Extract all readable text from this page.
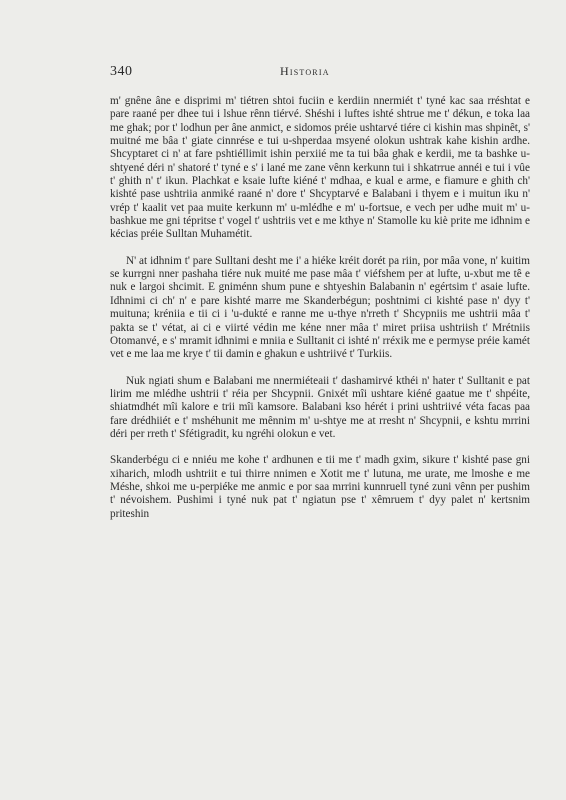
340	Historia

m' gnêne âne e disprimi m' tiétren shtoi fuciin e kerdiin nnermiét t' tyné kac saa rréshtat e pare raané per dhee tui i lshue rênn tiérvé. Shéshi i luftes ishté shtrue me t' dékun, e toka laa me ghak; por t' lodhun per âne anmict, e sidomos préie ushtarvé tiére ci kishin mas shpinêt, s' muitné me bâa t' giate cinnrése e tui u-shperdaa msyené olokun ushtrak kahe kishin ardhe. Shcyptaret ci n' at fare pshtiéllimit ishin perxiié me ta tui bâa ghak e kerdii, me ta bashke u-shtyené déri n' shatoré t' tyné e s' i lané me zane vênn kerkunn tui i shkatrrue annéi e tui i vûe t' ghith n' t' ikun. Plachkat e ksaie lufte kiéné t' mdhaa, e kual e arme, e fiamure e ghith ch' kishté pase ushtriia anmiké raané n' dore t' Shcyptarvé e Balabani i thyem e i muitun iku n' vrép t' kaalit vet paa muite kerkunn m' u-mlédhe e m' u-fortsue, e vech per udhe muit m' u-bashkue me gni tépritse t' vogel t' ushtriis vet e me kthye n' Stamolle ku kiè prite me idhnim e kécias préie Sulltan Muhamétit.

N' at idhnim t' pare Sulltani desht me i' a hiéke kréit dorét pa riin, por mâa vone, n' kuitim se kurrgni nner pashaha tiére nuk muité me pase mâa t' viéfshem per at lufte, u-xbut me tê e nuk e largoi shcimit. E gniménn shum pune e shtyeshin Balabanin n' egértsim t' asaie lufte. Idhnimi ci ch' n' e pare kishté marre me Skanderbégun; poshtnimi ci kishté pase n' dyy t' muituna; kréniia e tii ci i 'u-dukté e ranne me u-thye n'rreth t' Shcypniis me ushtrii mâa t' pakta se t' vétat, ai ci e viirté védin me kéne nner mâa t' miret priisa ushtriish t' Mrétniis Otomanvé, e s' mramit idhnimi e mniia e Sulltanit ci ishté n' rréxik me e permyse préie kamét vet e me laa me krye t' tii damin e ghakun e ushtriivé t' Turkiis.

Nuk ngiati shum e Balabani me nnermiéteaii t' dashamirvé kthéi n' hater t' Sulltanit e pat lirim me mlédhe ushtrii t' réia per Shcypnii. Gnixét mîi ushtare kiéné gaatue me t' shpéite, shiatmdhét mîi kalore e trii mîi kamsore. Balabani kso hérét i prini ushtriivé véta facas paa fare drédhiiét e t' mshéhunit me mênnim m' u-shtye me at rresht n' Shcypnii, e kshtu mrrini déri per rreth t' Sfétigradit, ku ngréhi olokun e vet.

Skanderbégu ci e nniéu me kohe t' ardhunen e tii me t' madh gxim, sikure t' kishté pase gni xiharich, mlodh ushtriit e tui thirre nnimen e Xotit me t' lutuna, me urate, me lmoshe e me Méshe, shkoi me u-perpiéke me anmic e por saa mrrini kunnruell tyné zuni vênn per pushim t' névoishem. Pushimi i tyné nuk pat t' ngiatun pse t' xêmruem t' dyy palet n' kertsnim priteshin
